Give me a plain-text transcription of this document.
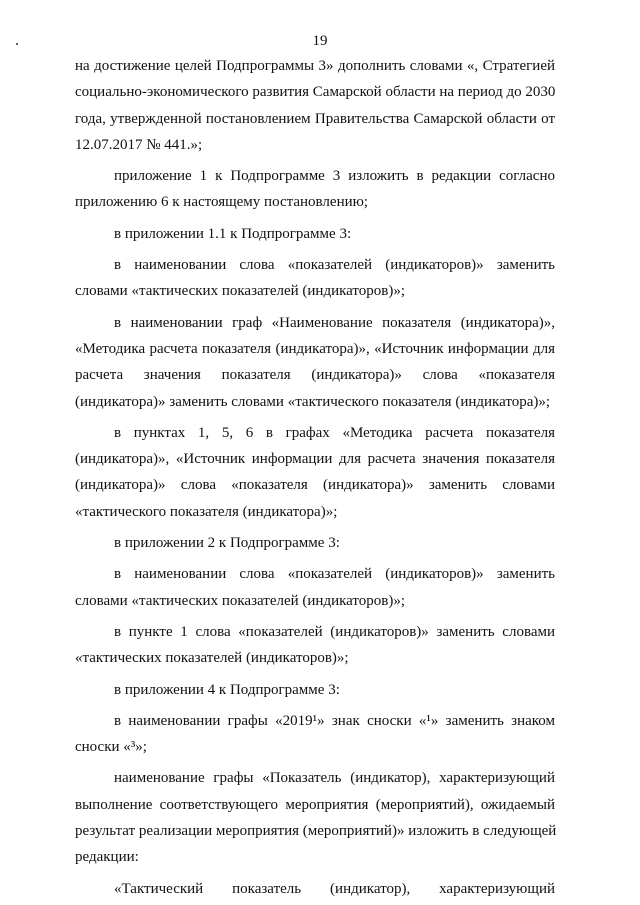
19
на достижение целей Подпрограммы 3» дополнить словами «, Стратегией
социально-экономического развития Самарской области на период до 2030
года, утвержденной постановлением Правительства Самарской области от
12.07.2017 № 441.»;
приложение 1 к Подпрограмме 3 изложить в редакции согласно
приложению 6 к настоящему постановлению;
в приложении 1.1 к Подпрограмме 3:
в наименовании слова «показателей (индикаторов)» заменить
словами «тактических показателей (индикаторов)»;
в наименовании граф «Наименование показателя (индикатора)»,
«Методика расчета показателя (индикатора)», «Источник информации для
расчета значения показателя (индикатора)» слова «показателя
(индикатора)» заменить словами «тактического показателя (индикатора)»;
в пунктах 1, 5, 6 в графах «Методика расчета показателя
(индикатора)», «Источник информации для расчета значения показателя
(индикатора)» слова «показателя (индикатора)» заменить словами
«тактического показателя (индикатора)»;
в приложении 2 к Подпрограмме 3:
в наименовании слова «показателей (индикаторов)» заменить
словами «тактических показателей (индикаторов)»;
в пункте 1 слова «показателей (индикаторов)» заменить словами
«тактических показателей (индикаторов)»;
в приложении 4 к Подпрограмме 3:
в наименовании графы «2019¹» знак сноски «¹» заменить знаком
сноски «³»;
наименование графы «Показатель (индикатор), характеризующий
выполнение соответствующего мероприятия (мероприятий), ожидаемый
результат реализации мероприятия (мероприятий)» изложить в следующей
редакции:
«Тактический показатель (индикатор), характеризующий
